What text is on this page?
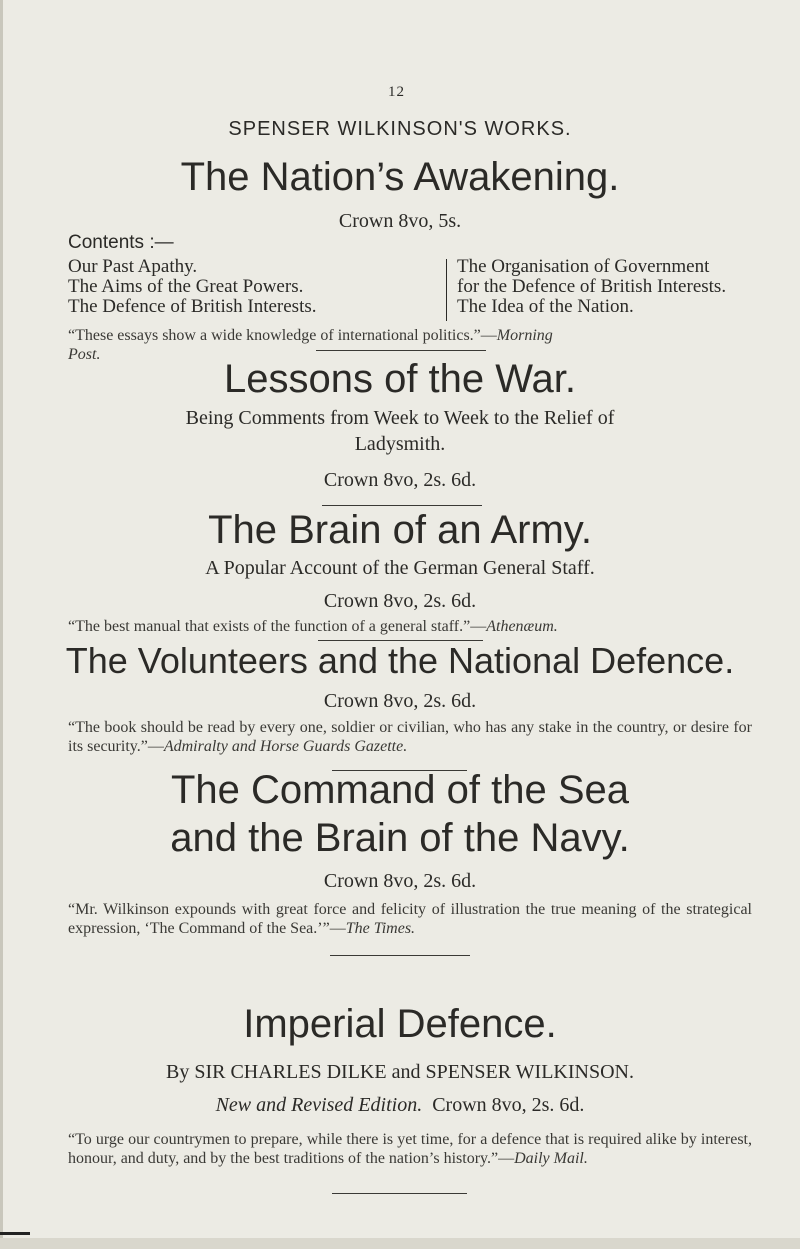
12
SPENSER WILKINSON'S WORKS.
The Nation’s Awakening.
Crown 8vo, 5s.
Contents :—
Our Past Apathy.
The Aims of the Great Powers.
The Defence of British Interests.
The Organisation of Government
for the Defence of British Interests.
The Idea of the Nation.
“These essays show a wide knowledge of international politics.”—Morning
Post.
Lessons of the War.
Being Comments from Week to Week to the Relief of
Ladysmith.
Crown 8vo, 2s. 6d.
The Brain of an Army.
A Popular Account of the German General Staff.
Crown 8vo, 2s. 6d.
“The best manual that exists of the function of a general staff.”—Athenæum.
The Volunteers and the National Defence.
Crown 8vo, 2s. 6d.
“The book should be read by every one, soldier or civilian, who has any stake in the country, or desire for its security.”—Admiralty and Horse Guards Gazette.
The Command of the Sea
and the Brain of the Navy.
Crown 8vo, 2s. 6d.
“Mr. Wilkinson expounds with great force and felicity of illustration the true meaning of the strategical expression, ‘The Command of the Sea.’”—The Times.
Imperial Defence.
By SIR CHARLES DILKE and SPENSER WILKINSON.
New and Revised Edition. Crown 8vo, 2s. 6d.
“To urge our countrymen to prepare, while there is yet time, for a defence that is required alike by interest, honour, and duty, and by the best traditions of the nation’s history.”—Daily Mail.
